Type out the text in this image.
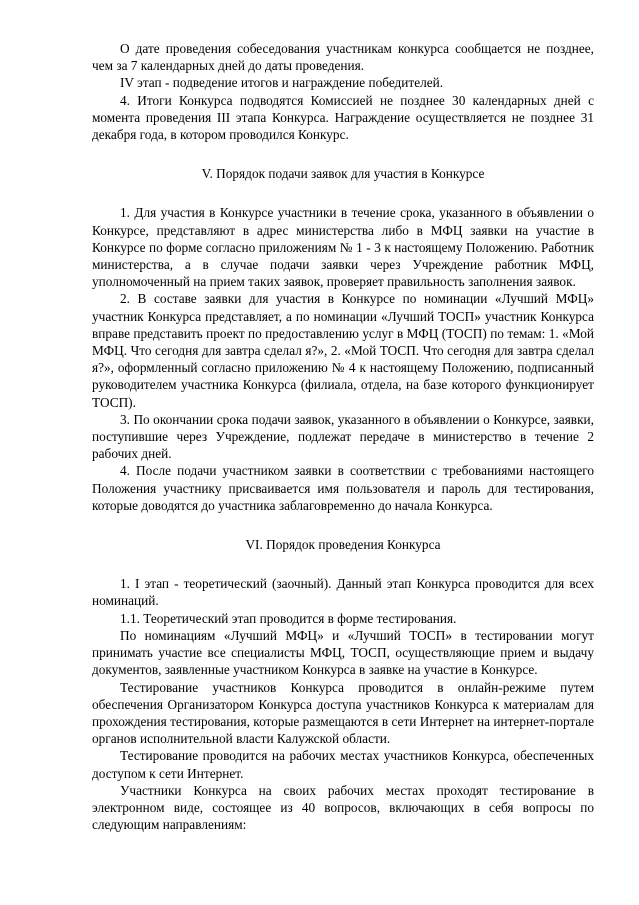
О дате проведения собеседования участникам конкурса сообщается не позднее, чем за 7 календарных дней до даты проведения.

IV этап - подведение итогов и награждение победителей.

4. Итоги Конкурса подводятся Комиссией не позднее 30 календарных дней с момента проведения III этапа Конкурса. Награждение осуществляется не позднее 31 декабря года, в котором проводился Конкурс.

V. Порядок подачи заявок для участия в Конкурсе

1. Для участия в Конкурсе участники в течение срока, указанного в объявлении о Конкурсе, представляют в адрес министерства либо в МФЦ заявки на участие в Конкурсе по форме согласно приложениям № 1 - 3 к настоящему Положению. Работник министерства, а в случае подачи заявки через Учреждение работник МФЦ, уполномоченный на прием таких заявок, проверяет правильность заполнения заявок.

2. В составе заявки для участия в Конкурсе по номинации «Лучший МФЦ» участник Конкурса представляет, а по номинации «Лучший ТОСП» участник Конкурса вправе представить проект по предоставлению услуг в МФЦ (ТОСП) по темам: 1. «Мой МФЦ. Что сегодня для завтра сделал я?», 2. «Мой ТОСП. Что сегодня для завтра сделал я?», оформленный согласно приложению № 4 к настоящему Положению, подписанный руководителем участника Конкурса (филиала, отдела, на базе которого функционирует ТОСП).

3. По окончании срока подачи заявок, указанного в объявлении о Конкурсе, заявки, поступившие через Учреждение, подлежат передаче в министерство в течение 2 рабочих дней.

4. После подачи участником заявки в соответствии с требованиями настоящего Положения участнику присваивается имя пользователя и пароль для тестирования, которые доводятся до участника заблаговременно до начала Конкурса.

VI. Порядок проведения Конкурса

1. I этап - теоретический (заочный). Данный этап Конкурса проводится для всех номинаций.

1.1. Теоретический этап проводится в форме тестирования.

По номинациям «Лучший МФЦ» и «Лучший ТОСП» в тестировании могут принимать участие все специалисты МФЦ, ТОСП, осуществляющие прием и выдачу документов, заявленные участником Конкурса в заявке на участие в Конкурсе.

Тестирование участников Конкурса проводится в онлайн-режиме путем обеспечения Организатором Конкурса доступа участников Конкурса к материалам для прохождения тестирования, которые размещаются в сети Интернет на интернет-портале органов исполнительной власти Калужской области.

Тестирование проводится на рабочих местах участников Конкурса, обеспеченных доступом к сети Интернет.

Участники Конкурса на своих рабочих местах проходят тестирование в электронном виде, состоящее из 40 вопросов, включающих в себя вопросы по следующим направлениям:
